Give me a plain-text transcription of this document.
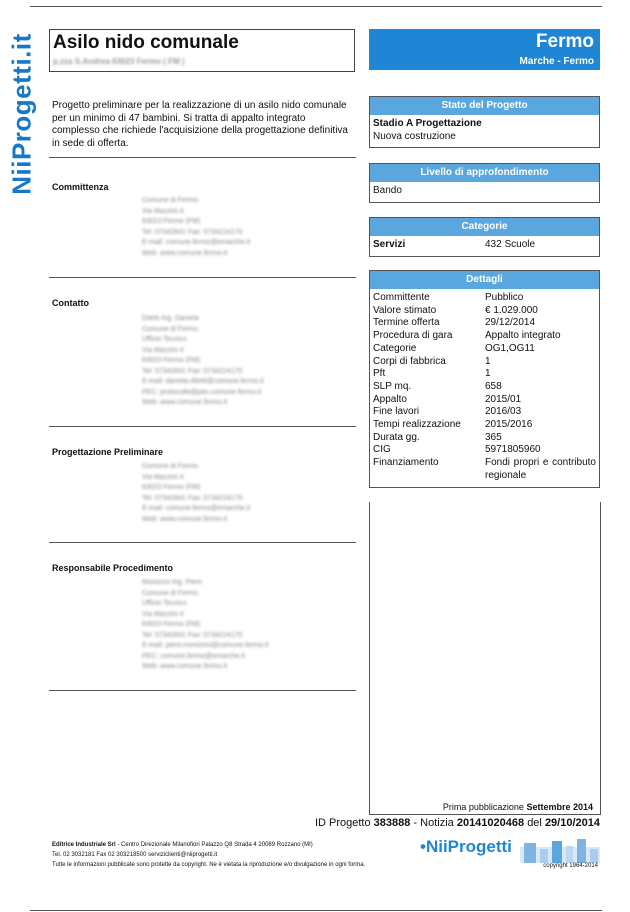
NiiProgetti.it Asilo nido comunale
p.zza S.Andrea 63023 Fermo ( FM )
Fermo
Marche - Fermo
Progetto preliminare per la realizzazione di un asilo nido comunale per un minimo di 47 bambini. Si tratta di appalto integrato complesso che richiede l'acquisizione della progettazione definitiva in sede di offerta.
Committenza
Comune di Fermo
Via Mazzini 4
63023 Fermo (FM)
Tel: 07342841 Fax: 0734224170
E-mail: comune.fermo@emarche.it
Web: www.comune.fermo.it
Contatto
Diletti Ing. Daniela
Comune di Fermo
Ufficio Tecnico
Via Mazzini 4
63023 Fermo (FM)
Tel: 07342841 Fax: 0734224170
E-mail: daniela.diletti@comune.fermo.it
PEC: protocollo@pec.comune.fermo.it
Web: www.comune.fermo.it
Progettazione Preliminare
Comune di Fermo
Via Mazzini 4
63023 Fermo (FM)
Tel: 07342841 Fax: 0734224170
E-mail: comune.fermo@emarche.it
Web: www.comune.fermo.it
Responsabile Procedimento
Monizoni Ing. Piero
Comune di Fermo
Ufficio Tecnico
Via Mazzini 4
63023 Fermo (FM)
Tel: 07342841 Fax: 0734224170
E-mail: piero.monizoni@comune.fermo.it
PEC: comune.fermo@emarche.it
Web: www.comune.fermo.it
Stato del Progetto
Stadio A Progettazione
Nuova costruzione
Livello di approfondimento
Bando
Categorie
Servizi	432 Scuole
Dettagli
Committente	Pubblico
Valore stimato	€ 1.029.000
Termine offerta	29/12/2014
Procedura di gara	Appalto integrato
Categorie	OG1,OG11
Corpi di fabbrica	1
Pft	1
SLP mq.	658
Appalto	2015/01
Fine lavori	2016/03
Tempi realizzazione	2015/2016
Durata gg.	365
CIG	5971805960
Finanziamento	Fondi propri e contributo regionale
Prima pubblicazione Settembre 2014
ID Progetto 383888 - Notizia 20141020468 del 29/10/2014
Editrice Industriale Srl - Centro Direzionale Milanofiori Palazzo Q8 Strada 4 20089 Rozzano (MI)
Tel. 02 3032181 Fax 02 303218500 serviziclienti@niiprogetti.it
Tutte le informazioni pubblicate sono protette da copyright. Ne è vietata la riproduzione e/o divulgazione in ogni forma.
•NiiProgetti
copyright 1964-2014
